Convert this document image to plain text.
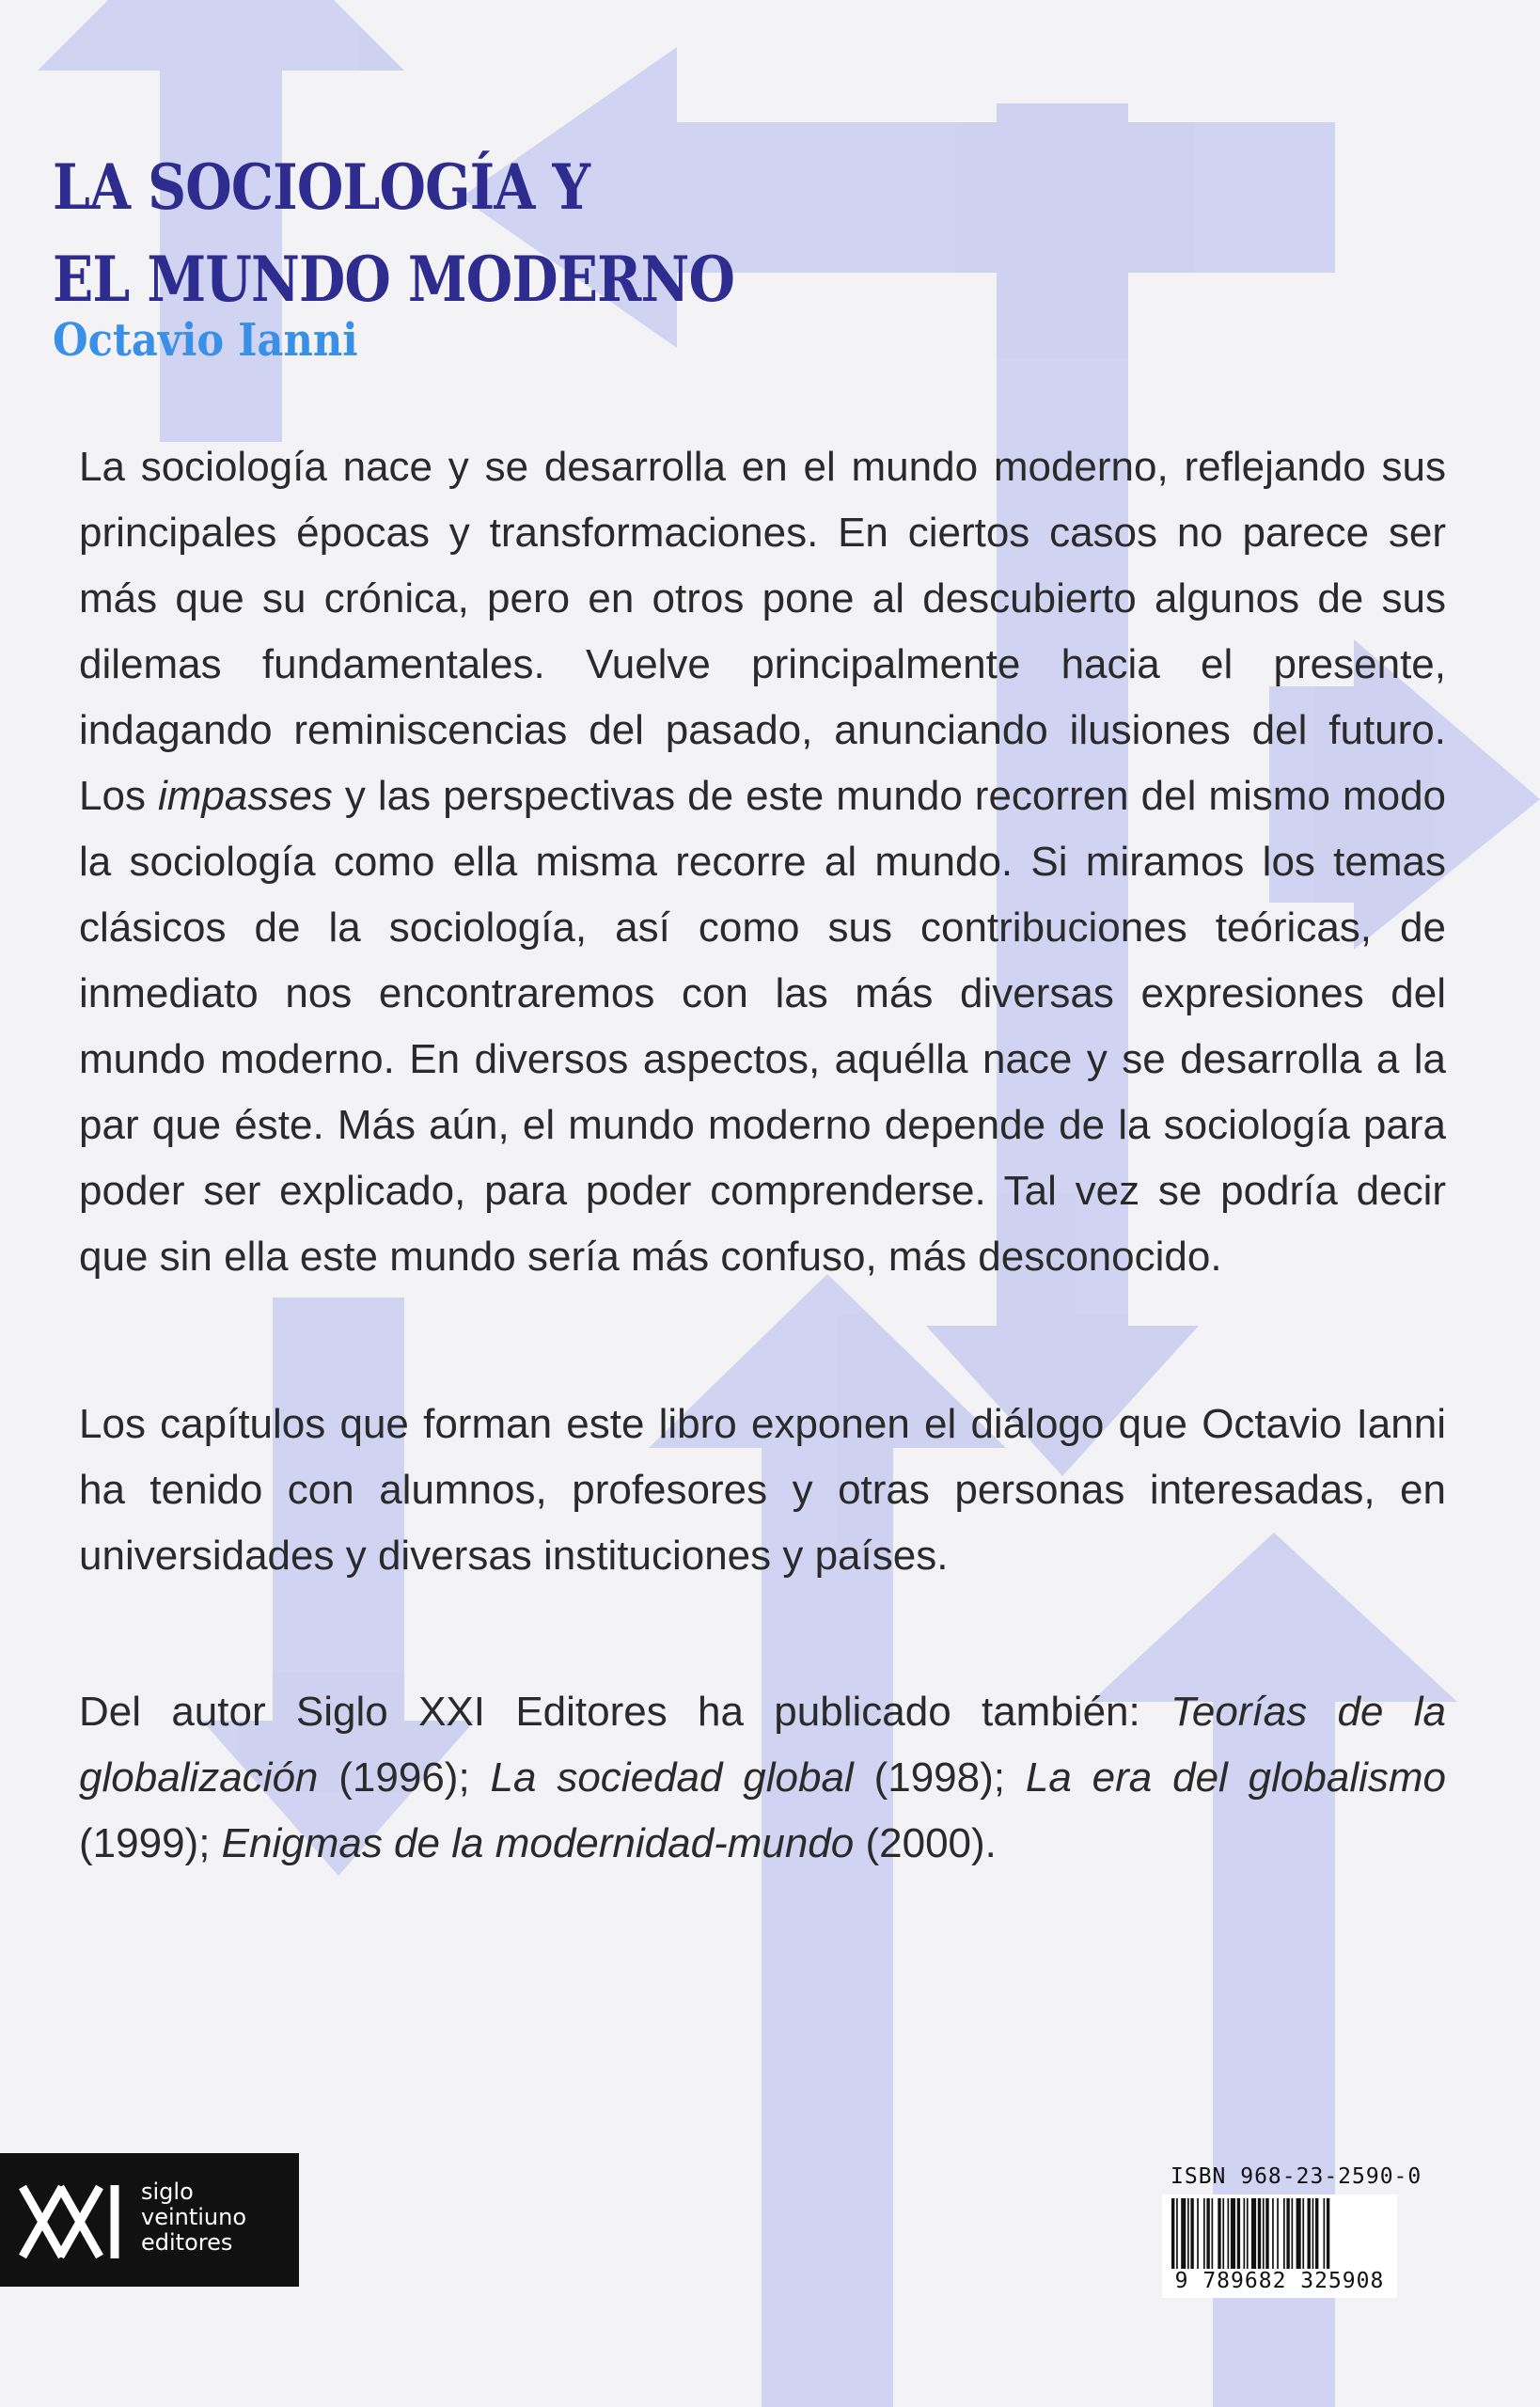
LA SOCIOLOGÍA Y
EL MUNDO MODERNO

Octavio Ianni

La sociología nace y se desarrolla en el mundo moderno, reflejando sus principales épocas y transformaciones. En ciertos casos no parece ser más que su crónica, pero en otros pone al descubierto algunos de sus dilemas fundamentales. Vuelve principalmente hacia el presente, indagando reminiscencias del pasado, anunciando ilusiones del futuro. Los impasses y las perspectivas de este mundo recorren del mismo modo la sociología como ella misma recorre al mundo. Si miramos los temas clásicos de la sociología, así como sus contribuciones teóricas, de inmediato nos encontraremos con las más diversas expresiones del mundo moderno. En diversos aspectos, aquélla nace y se desarrolla a la par que éste. Más aún, el mundo moderno depende de la sociología para poder ser explicado, para poder comprenderse. Tal vez se podría decir que sin ella este mundo sería más confuso, más desconocido.

Los capítulos que forman este libro exponen el diálogo que Octavio Ianni ha tenido con alumnos, profesores y otras personas interesadas, en universidades y diversas instituciones y países.

Del autor Siglo XXI Editores ha publicado también: Teorías de la globalización (1996); La sociedad global (1998); La era del globalismo (1999); Enigmas de la modernidad-mundo (2000).

XXI

siglo
veintiuno
editores

ISBN 968-23-2590-0

9 789682 325908
